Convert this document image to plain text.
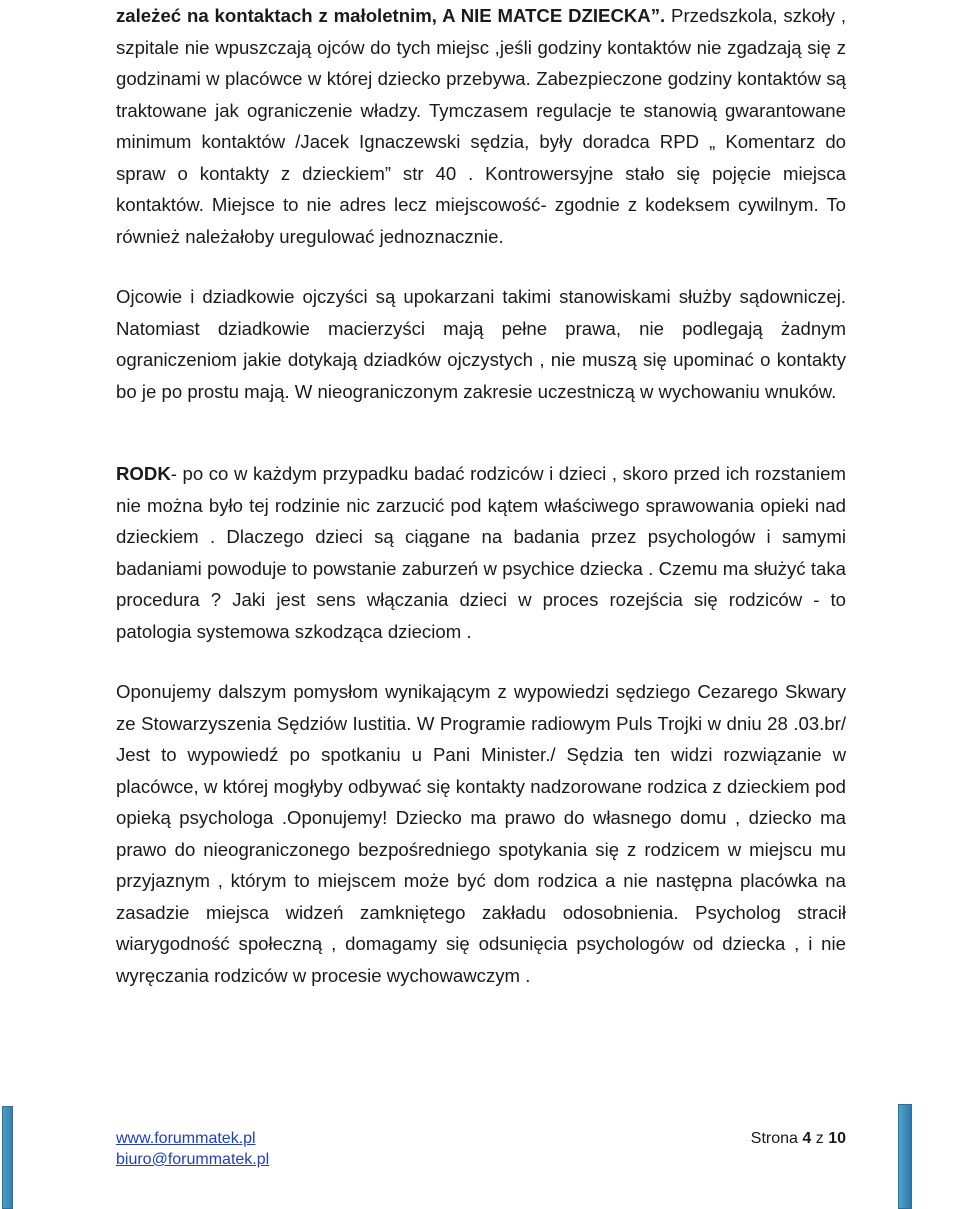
zależeć na kontaktach z małoletnim, A NIE MATCE DZIECKA”. Przedszkola, szkoły , szpitale nie wpuszczają ojców do tych miejsc ,jeśli godziny kontaktów nie zgadzają się z godzinami w placówce w której dziecko przebywa. Zabezpieczone godziny kontaktów są traktowane jak ograniczenie władzy. Tymczasem regulacje te stanowią gwarantowane minimum kontaktów /Jacek Ignaczewski sędzia, były doradca RPD „ Komentarz do spraw o kontakty z dzieckiem” str 40 . Kontrowersyjne stało się pojęcie miejsca kontaktów. Miejsce to nie adres lecz miejscowość- zgodnie z kodeksem cywilnym. To również należałoby uregulować jednoznacznie.

Ojcowie i dziadkowie ojczyści są upokarzani takimi stanowiskami służby sądowniczej. Natomiast dziadkowie macierzyści mają pełne prawa, nie podlegają żadnym ograniczeniom jakie dotykają dziadków ojczystych , nie muszą się upominać o kontakty bo je po prostu mają. W nieograniczonym zakresie uczestniczą w wychowaniu wnuków.

RODK- po co w każdym przypadku badać rodziców i dzieci , skoro przed ich rozstaniem nie można było tej rodzinie nic zarzucić pod kątem właściwego sprawowania opieki nad dzieckiem . Dlaczego dzieci są ciągane na badania przez psychologów i samymi badaniami powoduje to powstanie zaburzeń w psychice dziecka . Czemu ma służyć taka procedura ? Jaki jest sens włączania dzieci w proces rozejścia się rodziców - to patologia systemowa szkodząca dzieciom .

Oponujemy dalszym pomysłom wynikającym z wypowiedzi sędziego Cezarego Skwary ze Stowarzyszenia Sędziów Iustitia. W Programie radiowym Puls Trojki w dniu 28 .03.br/ Jest to wypowiedź po spotkaniu u Pani Minister./ Sędzia ten widzi rozwiązanie w placówce, w której mogłyby odbywać się kontakty nadzorowane rodzica z dzieckiem pod opieką psychologa .Oponujemy! Dziecko ma prawo do własnego domu , dziecko ma prawo do nieograniczonego bezpośredniego spotykania się z rodzicem w miejscu mu przyjaznym , którym to miejscem może być dom rodzica a nie następna placówka na zasadzie miejsca widzeń zamkniętego zakładu odosobnienia. Psycholog stracił wiarygodność społeczną , domagamy się odsunięcia psychologów od dziecka , i nie wyręczania rodziców w procesie wychowawczym .

www.forummatek.pl
biuro@forummatek.pl
Strona 4 z 10
